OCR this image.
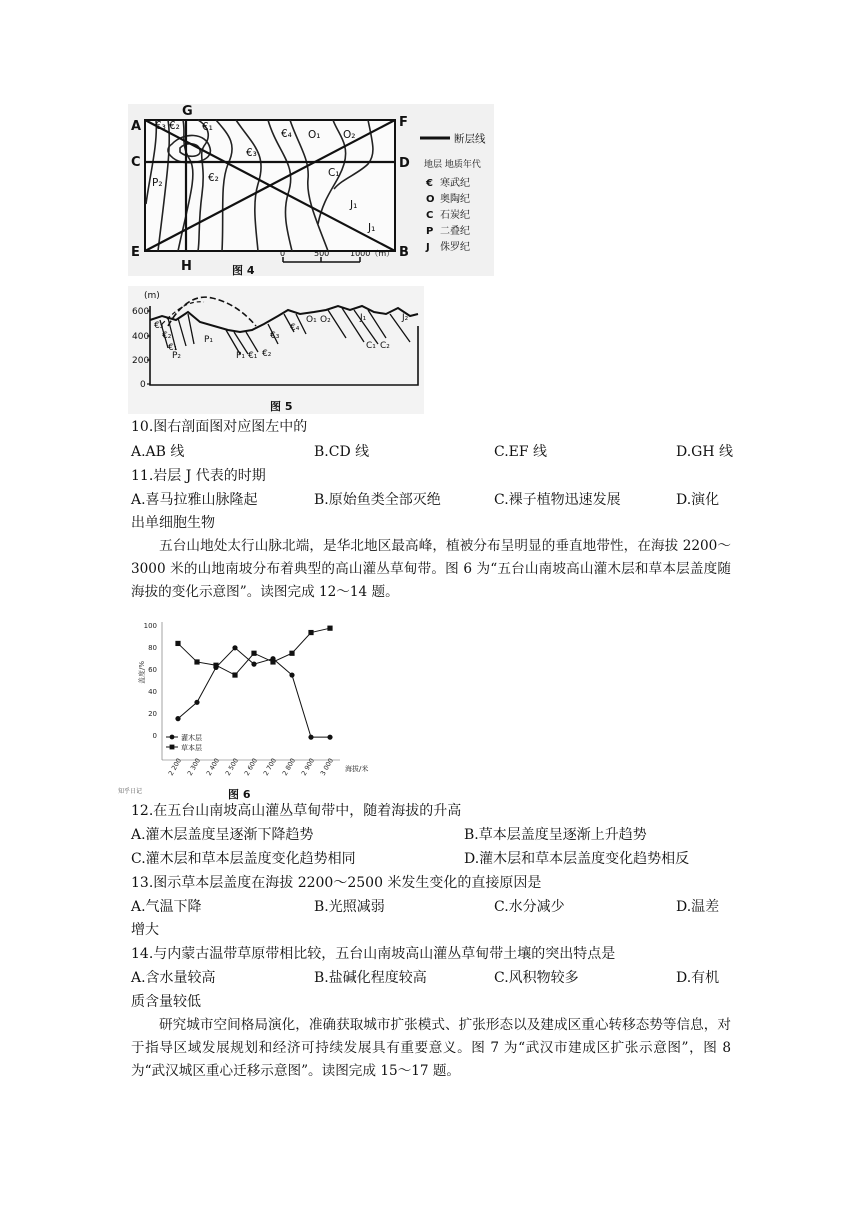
A
B
C	D
E
F
G
H
€₃ €₂ €₁
€₄ O₁ O₂
P₂
€₃
€₂	C₁
J₁
J₁
断层线
地层 地质年代
€ 寒武纪
O 奥陶纪
C 石炭纪
P 二叠纪
J 侏罗纪
图 4
0	500	1000（m）
(m)
600
400
200
0
€₃
€₂
€₁
P₂
P₁
P₁ €₁ €₂
€₃
€₄
O₁ O₂	J₁	J₂
C₁ C₂
图 5
10.图右剖面图对应图左中的
A.AB 线	B.CD 线	C.EF 线	D.GH 线
11.岩层 J 代表的时期
A.喜马拉雅山脉隆起	B.原始鱼类全部灭绝	C.裸子植物迅速发展	D.演化
出单细胞生物
五台山地处太行山脉北端，是华北地区最高峰，植被分布呈明显的垂直地带性，在海拔 2200～3000 米的山地南坡分布着典型的高山灌丛草甸带。图 6 为“五台山南坡高山灌木层和草本层盖度随海拔的变化示意图”。读图完成 12～14 题。
盖度/%
100
80
60
40
20
0
2 200 2 300 2 400 2 500 2 600 2 700 2 800 2 900 3 000 海拔/米
灌木层
草本层
图 6
知乎日记
12.在五台山南坡高山灌丛草甸带中，随着海拔的升高
A.灌木层盖度呈逐渐下降趋势	B.草本层盖度呈逐渐上升趋势
C.灌木层和草本层盖度变化趋势相同	D.灌木层和草本层盖度变化趋势相反
13.图示草本层盖度在海拔 2200～2500 米发生变化的直接原因是
A.气温下降	B.光照减弱	C.水分减少	D.温差
增大
14.与内蒙古温带草原带相比较，五台山南坡高山灌丛草甸带土壤的突出特点是
A.含水量较高	B.盐碱化程度较高	C.风积物较多	D.有机
质含量较低
研究城市空间格局演化，准确获取城市扩张模式、扩张形态以及建成区重心转移态势等信息，对于指导区域发展规划和经济可持续发展具有重要意义。图 7 为“武汉市建成区扩张示意图”，图 8 为“武汉城区重心迁移示意图”。读图完成 15～17 题。
